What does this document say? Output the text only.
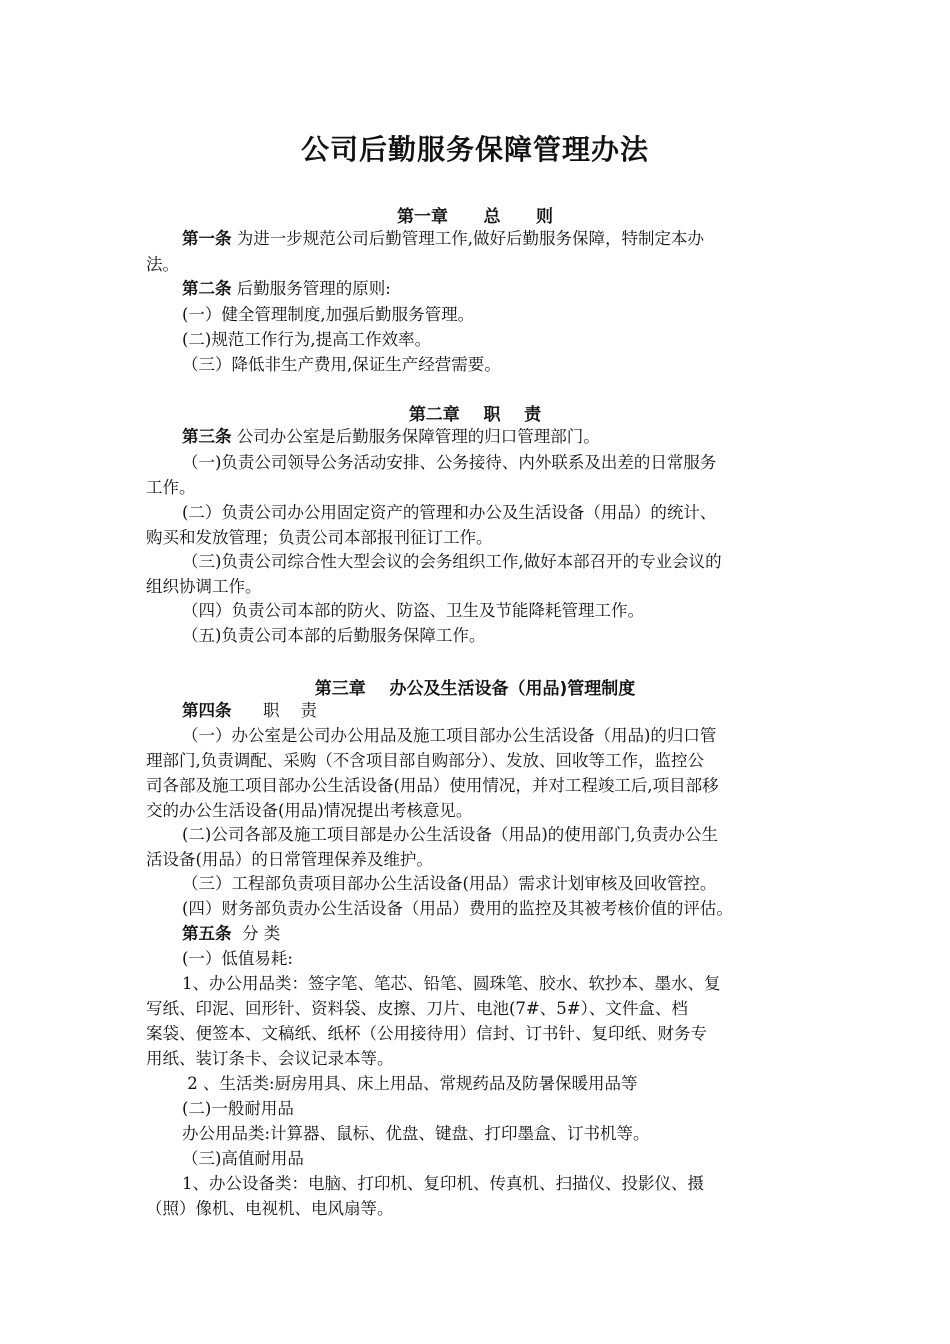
公司后勤服务保障管理办法
第一章      总      则
第一条 为进一步规范公司后勤管理工作,做好后勤服务保障，特制定本办
法。
第二条 后勤服务管理的原则:
(一）健全管理制度,加强后勤服务管理。
(二)规范工作行为,提高工作效率。
（三）降低非生产费用,保证生产经营需要。
第二章    职    责
第三条 公司办公室是后勤服务保障管理的归口管理部门。
（一)负责公司领导公务活动安排、公务接待、内外联系及出差的日常服务
工作。
(二）负责公司办公用固定资产的管理和办公及生活设备（用品）的统计、
购买和发放管理；负责公司本部报刊征订工作。
（三)负责公司综合性大型会议的会务组织工作,做好本部召开的专业会议的
组织协调工作。
（四）负责公司本部的防火、防盗、卫生及节能降耗管理工作。
（五)负责公司本部的后勤服务保障工作。
第三章    办公及生活设备（用品)管理制度
第四条      职    责
（一）办公室是公司办公用品及施工项目部办公生活设备（用品)的归口管
理部门,负责调配、采购（不含项目部自购部分）、发放、回收等工作，监控公
司各部及施工项目部办公生活设备(用品）使用情况，并对工程竣工后,项目部移
交的办公生活设备(用品)情况提出考核意见。
(二)公司各部及施工项目部是办公生活设备（用品)的使用部门,负责办公生
活设备(用品）的日常管理保养及维护。
（三）工程部负责项目部办公生活设备(用品）需求计划审核及回收管控。
(四）财务部负责办公生活设备（用品）费用的监控及其被考核价值的评估。
第五条  分 类
(一）低值易耗:
1、办公用品类：签字笔、笔芯、铅笔、圆珠笔、胶水、软抄本、墨水、复
写纸、印泥、回形针、资料袋、皮擦、刀片、电池(7#、5#）、文件盒、档
案袋、便签本、文稿纸、纸杯（公用接待用）信封、订书针、复印纸、财务专
用纸、装订条卡、会议记录本等。
2 、生活类:厨房用具、床上用品、常规药品及防暑保暖用品等
(二)一般耐用品
办公用品类:计算器、鼠标、优盘、键盘、打印墨盒、订书机等。
（三)高值耐用品
1、办公设备类：电脑、打印机、复印机、传真机、扫描仪、投影仪、摄
（照）像机、电视机、电风扇等。
